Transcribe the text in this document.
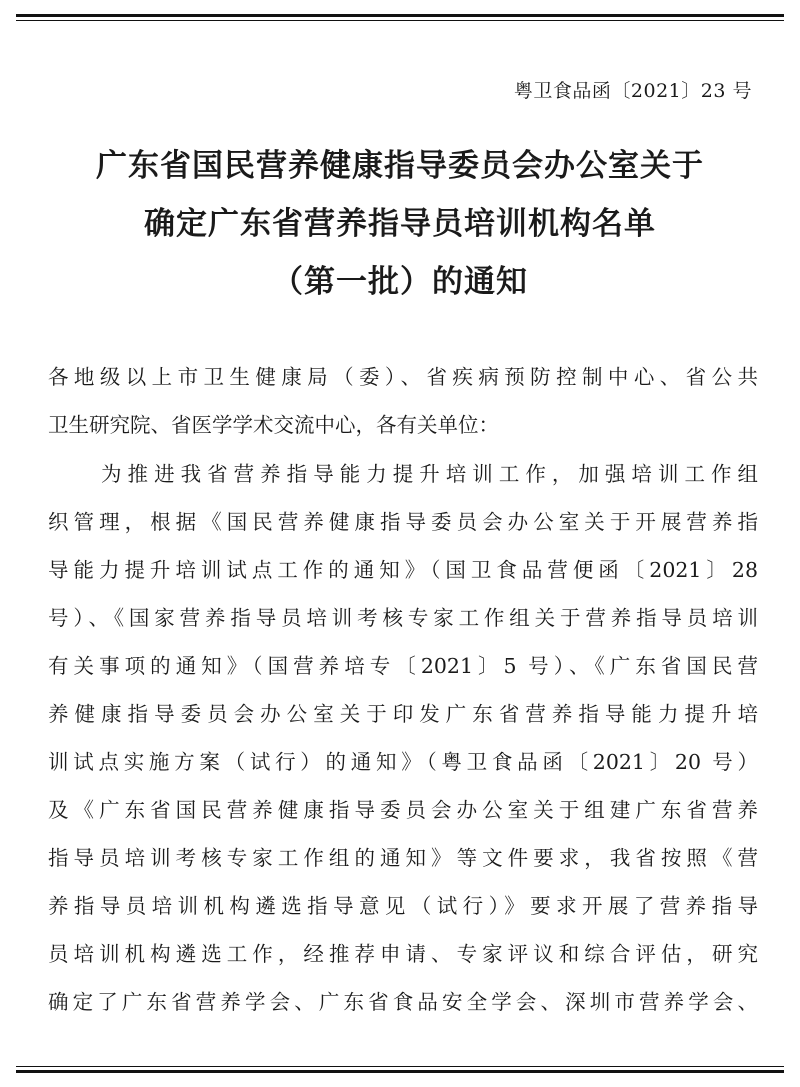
粤卫食品函〔2021〕23 号
广东省国民营养健康指导委员会办公室关于
确定广东省营养指导员培训机构名单
（第一批）的通知
各地级以上市卫生健康局（委）、省疾病预防控制中心、省公共
卫生研究院、省医学学术交流中心，各有关单位：
　　为推进我省营养指导能力提升培训工作，加强培训工作组
织管理，根据《国民营养健康指导委员会办公室关于开展营养指
导能力提升培训试点工作的通知》（国卫食品营便函〔2021〕28
号）、《国家营养指导员培训考核专家工作组关于营养指导员培训
有关事项的通知》（国营养培专〔2021〕5 号）、《广东省国民营
养健康指导委员会办公室关于印发广东省营养指导能力提升培
训试点实施方案（试行）的通知》（粤卫食品函〔2021〕20 号）
及《广东省国民营养健康指导委员会办公室关于组建广东省营养
指导员培训考核专家工作组的通知》等文件要求，我省按照《营
养指导员培训机构遴选指导意见（试行）》要求开展了营养指导
员培训机构遴选工作，经推荐申请、专家评议和综合评估，研究
确定了广东省营养学会、广东省食品安全学会、深圳市营养学会、
